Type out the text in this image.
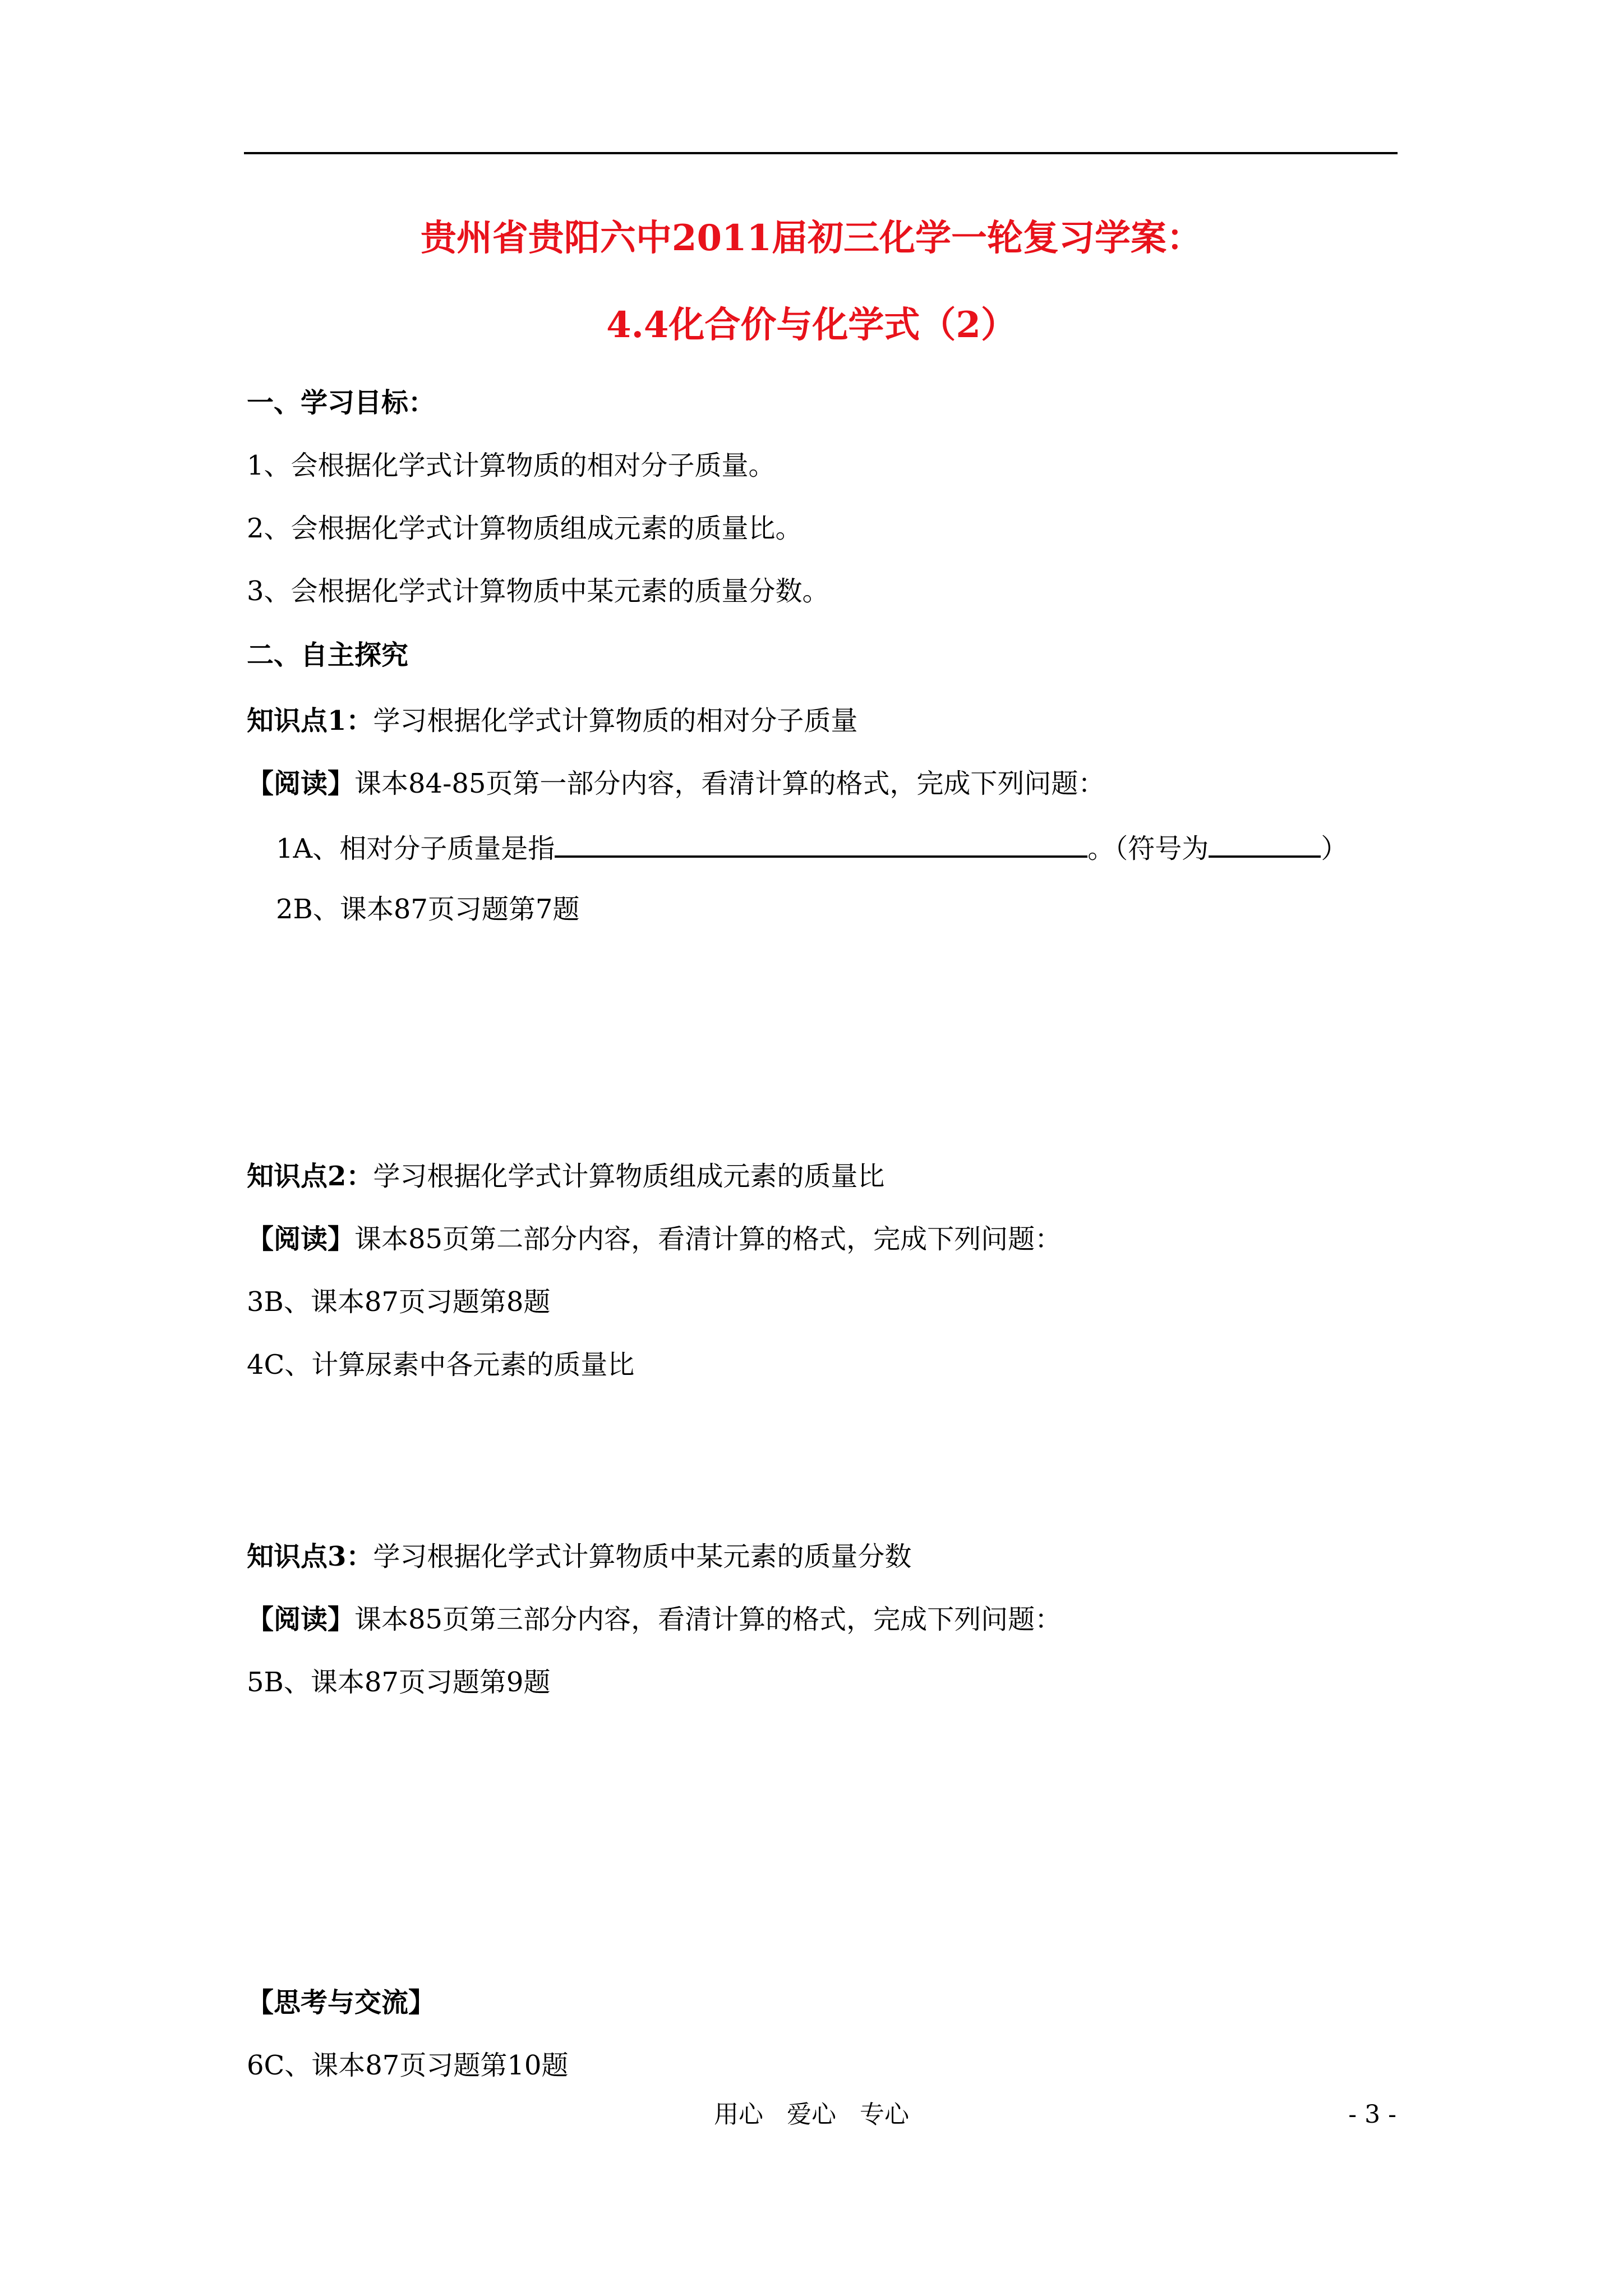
贵州省贵阳六中2011届初三化学一轮复习学案：
4.4化合价与化学式（2）
一、学习目标：
1、会根据化学式计算物质的相对分子质量。
2、会根据化学式计算物质组成元素的质量比。
3、会根据化学式计算物质中某元素的质量分数。
二、自主探究
知识点1：学习根据化学式计算物质的相对分子质量
【阅读】课本84-85页第一部分内容，看清计算的格式，完成下列问题：
1A、相对分子质量是指	。（符号为	）
2B、课本87页习题第7题
知识点2：学习根据化学式计算物质组成元素的质量比
【阅读】课本85页第二部分内容，看清计算的格式，完成下列问题：
3B、课本87页习题第8题
4C、计算尿素中各元素的质量比
知识点3：学习根据化学式计算物质中某元素的质量分数
【阅读】课本85页第三部分内容，看清计算的格式，完成下列问题：
5B、课本87页习题第9题
【思考与交流】
6C、课本87页习题第10题
用心   爱心   专心	- 3 -
